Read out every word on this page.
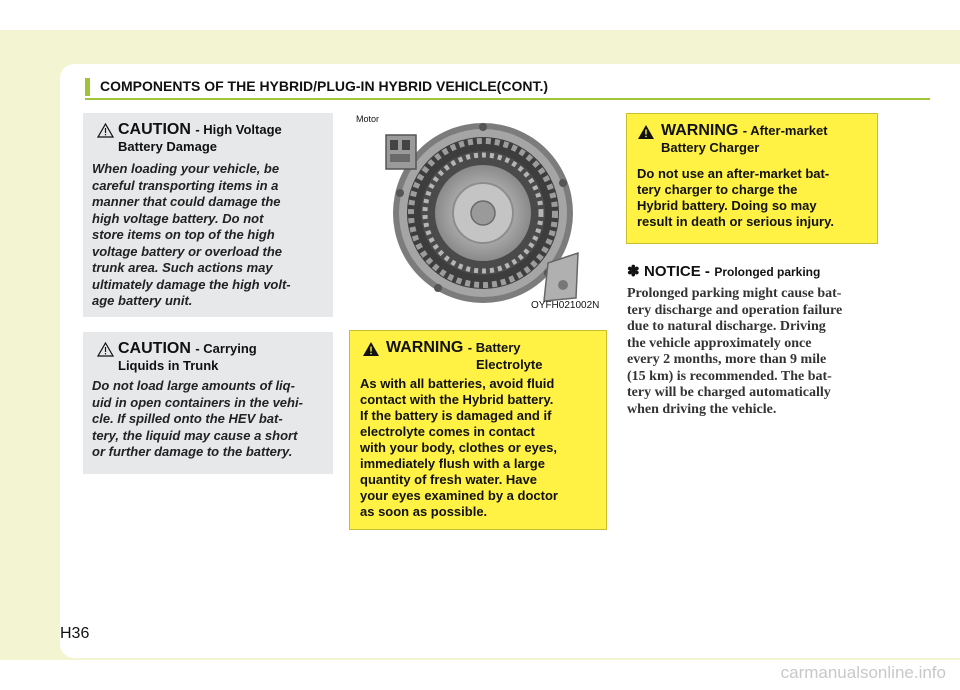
COMPONENTS OF THE HYBRID/PLUG-IN HYBRID VEHICLE(CONT.)
CAUTION - High Voltage
Battery Damage
When loading your vehicle, be
careful transporting items in a
manner that could damage the
high voltage battery. Do not
store items on top of the high
voltage battery or overload the
trunk area. Such actions may
ultimately damage the high volt-
age battery unit.
CAUTION - Carrying
Liquids in Trunk
Do not load large amounts of liq-
uid in open containers in the vehi-
cle. If spilled onto the HEV bat-
tery, the liquid may cause a short
or further damage to the battery.
Motor
OYFH021002N
WARNING - Battery
Electrolyte
As with all batteries, avoid fluid
contact with the Hybrid battery.
If the battery is damaged and if
electrolyte comes in contact
with your body, clothes or eyes,
immediately flush with a large
quantity of fresh water. Have
your eyes examined by a doctor
as soon as possible.
WARNING - After-market
Battery Charger
Do not use an after-market bat-
tery charger to charge the
Hybrid battery. Doing so may
result in death or serious injury.
✽ NOTICE - Prolonged parking
Prolonged parking might cause bat-
tery discharge and operation failure
due to natural discharge. Driving
the vehicle approximately once
every 2 months, more than 9 mile
(15 km) is recommended. The bat-
tery will be charged automatically
when driving the vehicle.
H36
carmanualsonline.info
